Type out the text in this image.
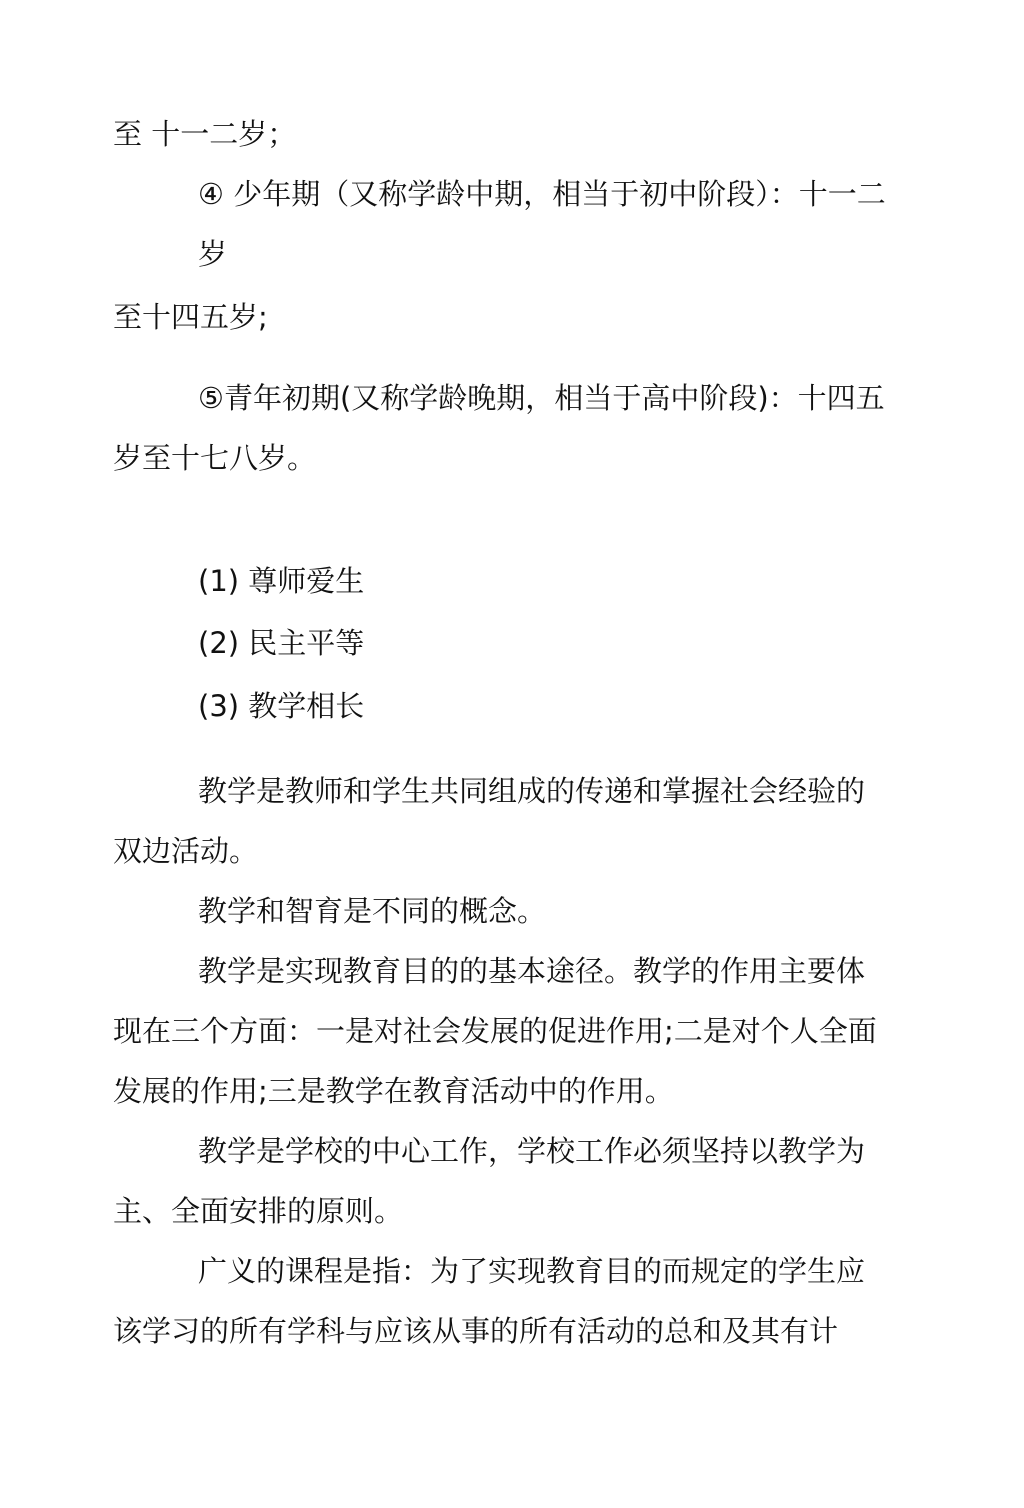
至 十一二岁；
④ 少年期（又称学龄中期，相当于初中阶段）：十一二
岁
至十四五岁;
⑤青年初期(又称学龄晚期，相当于高中阶段)：十四五
岁至十七八岁。
(1) 尊师爱生
(2) 民主平等
(3) 教学相长
教学是教师和学生共同组成的传递和掌握社会经验的
双边活动。
教学和智育是不同的概念。
教学是实现教育目的的基本途径。教学的作用主要体
现在三个方面：一是对社会发展的促进作用;二是对个人全面
发展的作用;三是教学在教育活动中的作用。
教学是学校的中心工作，学校工作必须坚持以教学为
主、全面安排的原则。
广义的课程是指：为了实现教育目的而规定的学生应
该学习的所有学科与应该从事的所有活动的总和及其有计
